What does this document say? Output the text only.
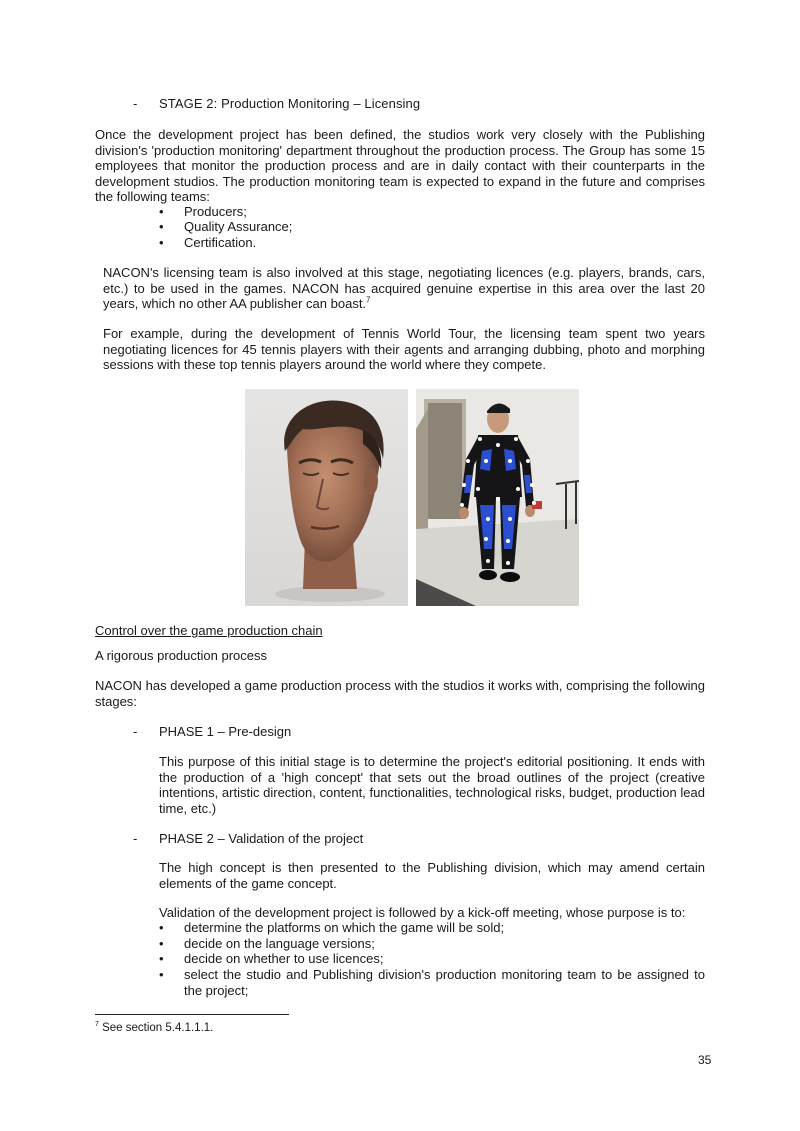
-	STAGE 2: Production Monitoring – Licensing

Once the development project has been defined, the studios work very closely with the Publishing division's 'production monitoring' department throughout the production process. The Group has some 15 employees that monitor the production process and are in daily contact with their counterparts in the development studios. The production monitoring team is expected to expand in the future and comprises the following teams:

•	Producers;
•	Quality Assurance;
•	Certification.

NACON's licensing team is also involved at this stage, negotiating licences (e.g. players, brands, cars, etc.) to be used in the games. NACON has acquired genuine expertise in this area over the last 20 years, which no other AA publisher can boast.$^7$

For example, during the development of Tennis World Tour, the licensing team spent two years negotiating licences for 45 tennis players with their agents and arranging dubbing, photo and morphing sessions with these top tennis players around the world where they compete.

Control over the game production chain
A rigorous production process

NACON has developed a game production process with the studios it works with, comprising the following stages:

-	PHASE 1 – Pre-design

This purpose of this initial stage is to determine the project's editorial positioning. It ends with the production of a 'high concept' that sets out the broad outlines of the project (creative intentions, artistic direction, content, functionalities, technological risks, budget, production lead time, etc.)

-	PHASE 2 – Validation of the project

The high concept is then presented to the Publishing division, which may amend certain elements of the game concept.

Validation of the development project is followed by a kick-off meeting, whose purpose is to:

•	determine the platforms on which the game will be sold;
•	decide on the language versions;
•	decide on whether to use licences;
•	select the studio and Publishing division's production monitoring team to be assigned to the project;
$^7$ See section 5.4.1.1.1.
35
